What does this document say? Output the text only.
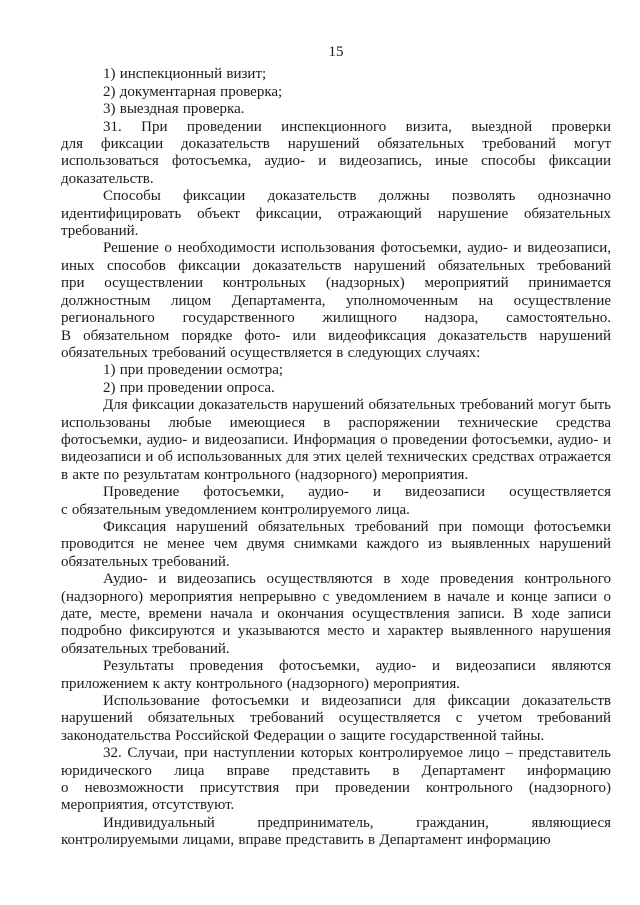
15

1) инспекционный визит;

2) документарная проверка;

3) выездная проверка.

31. При проведении инспекционного визита, выездной проверки для фиксации доказательств нарушений обязательных требований могут использоваться фотосъемка, аудио- и видеозапись, иные способы фиксации доказательств.

Способы фиксации доказательств должны позволять однозначно идентифицировать объект фиксации, отражающий нарушение обязательных требований.

Решение о необходимости использования фотосъемки, аудио- и видеозаписи, иных способов фиксации доказательств нарушений обязательных требований при осуществлении контрольных (надзорных) мероприятий принимается должностным лицом Департамента, уполномоченным на осуществление регионального государственного жилищного надзора, самостоятельно. В обязательном порядке фото- или видеофиксация доказательств нарушений обязательных требований осуществляется в следующих случаях:

1) при проведении осмотра;

2) при проведении опроса.

Для фиксации доказательств нарушений обязательных требований могут быть использованы любые имеющиеся в распоряжении технические средства фотосъемки, аудио- и видеозаписи. Информация о проведении фотосъемки, аудио- и видеозаписи и об использованных для этих целей технических средствах отражается в акте по результатам контрольного (надзорного) мероприятия.

Проведение фотосъемки, аудио- и видеозаписи осуществляется с обязательным уведомлением контролируемого лица.

Фиксация нарушений обязательных требований при помощи фотосъемки проводится не менее чем двумя снимками каждого из выявленных нарушений обязательных требований.

Аудио- и видеозапись осуществляются в ходе проведения контрольного (надзорного) мероприятия непрерывно с уведомлением в начале и конце записи о дате, месте, времени начала и окончания осуществления записи. В ходе записи подробно фиксируются и указываются место и характер выявленного нарушения обязательных требований.

Результаты проведения фотосъемки, аудио- и видеозаписи являются приложением к акту контрольного (надзорного) мероприятия.

Использование фотосъемки и видеозаписи для фиксации доказательств нарушений обязательных требований осуществляется с учетом требований законодательства Российской Федерации о защите государственной тайны.

32. Случаи, при наступлении которых контролируемое лицо – представитель юридического лица вправе представить в Департамент информацию о невозможности присутствия при проведении контрольного (надзорного) мероприятия, отсутствуют.

Индивидуальный предприниматель, гражданин, являющиеся контролируемыми лицами, вправе представить в Департамент информацию
